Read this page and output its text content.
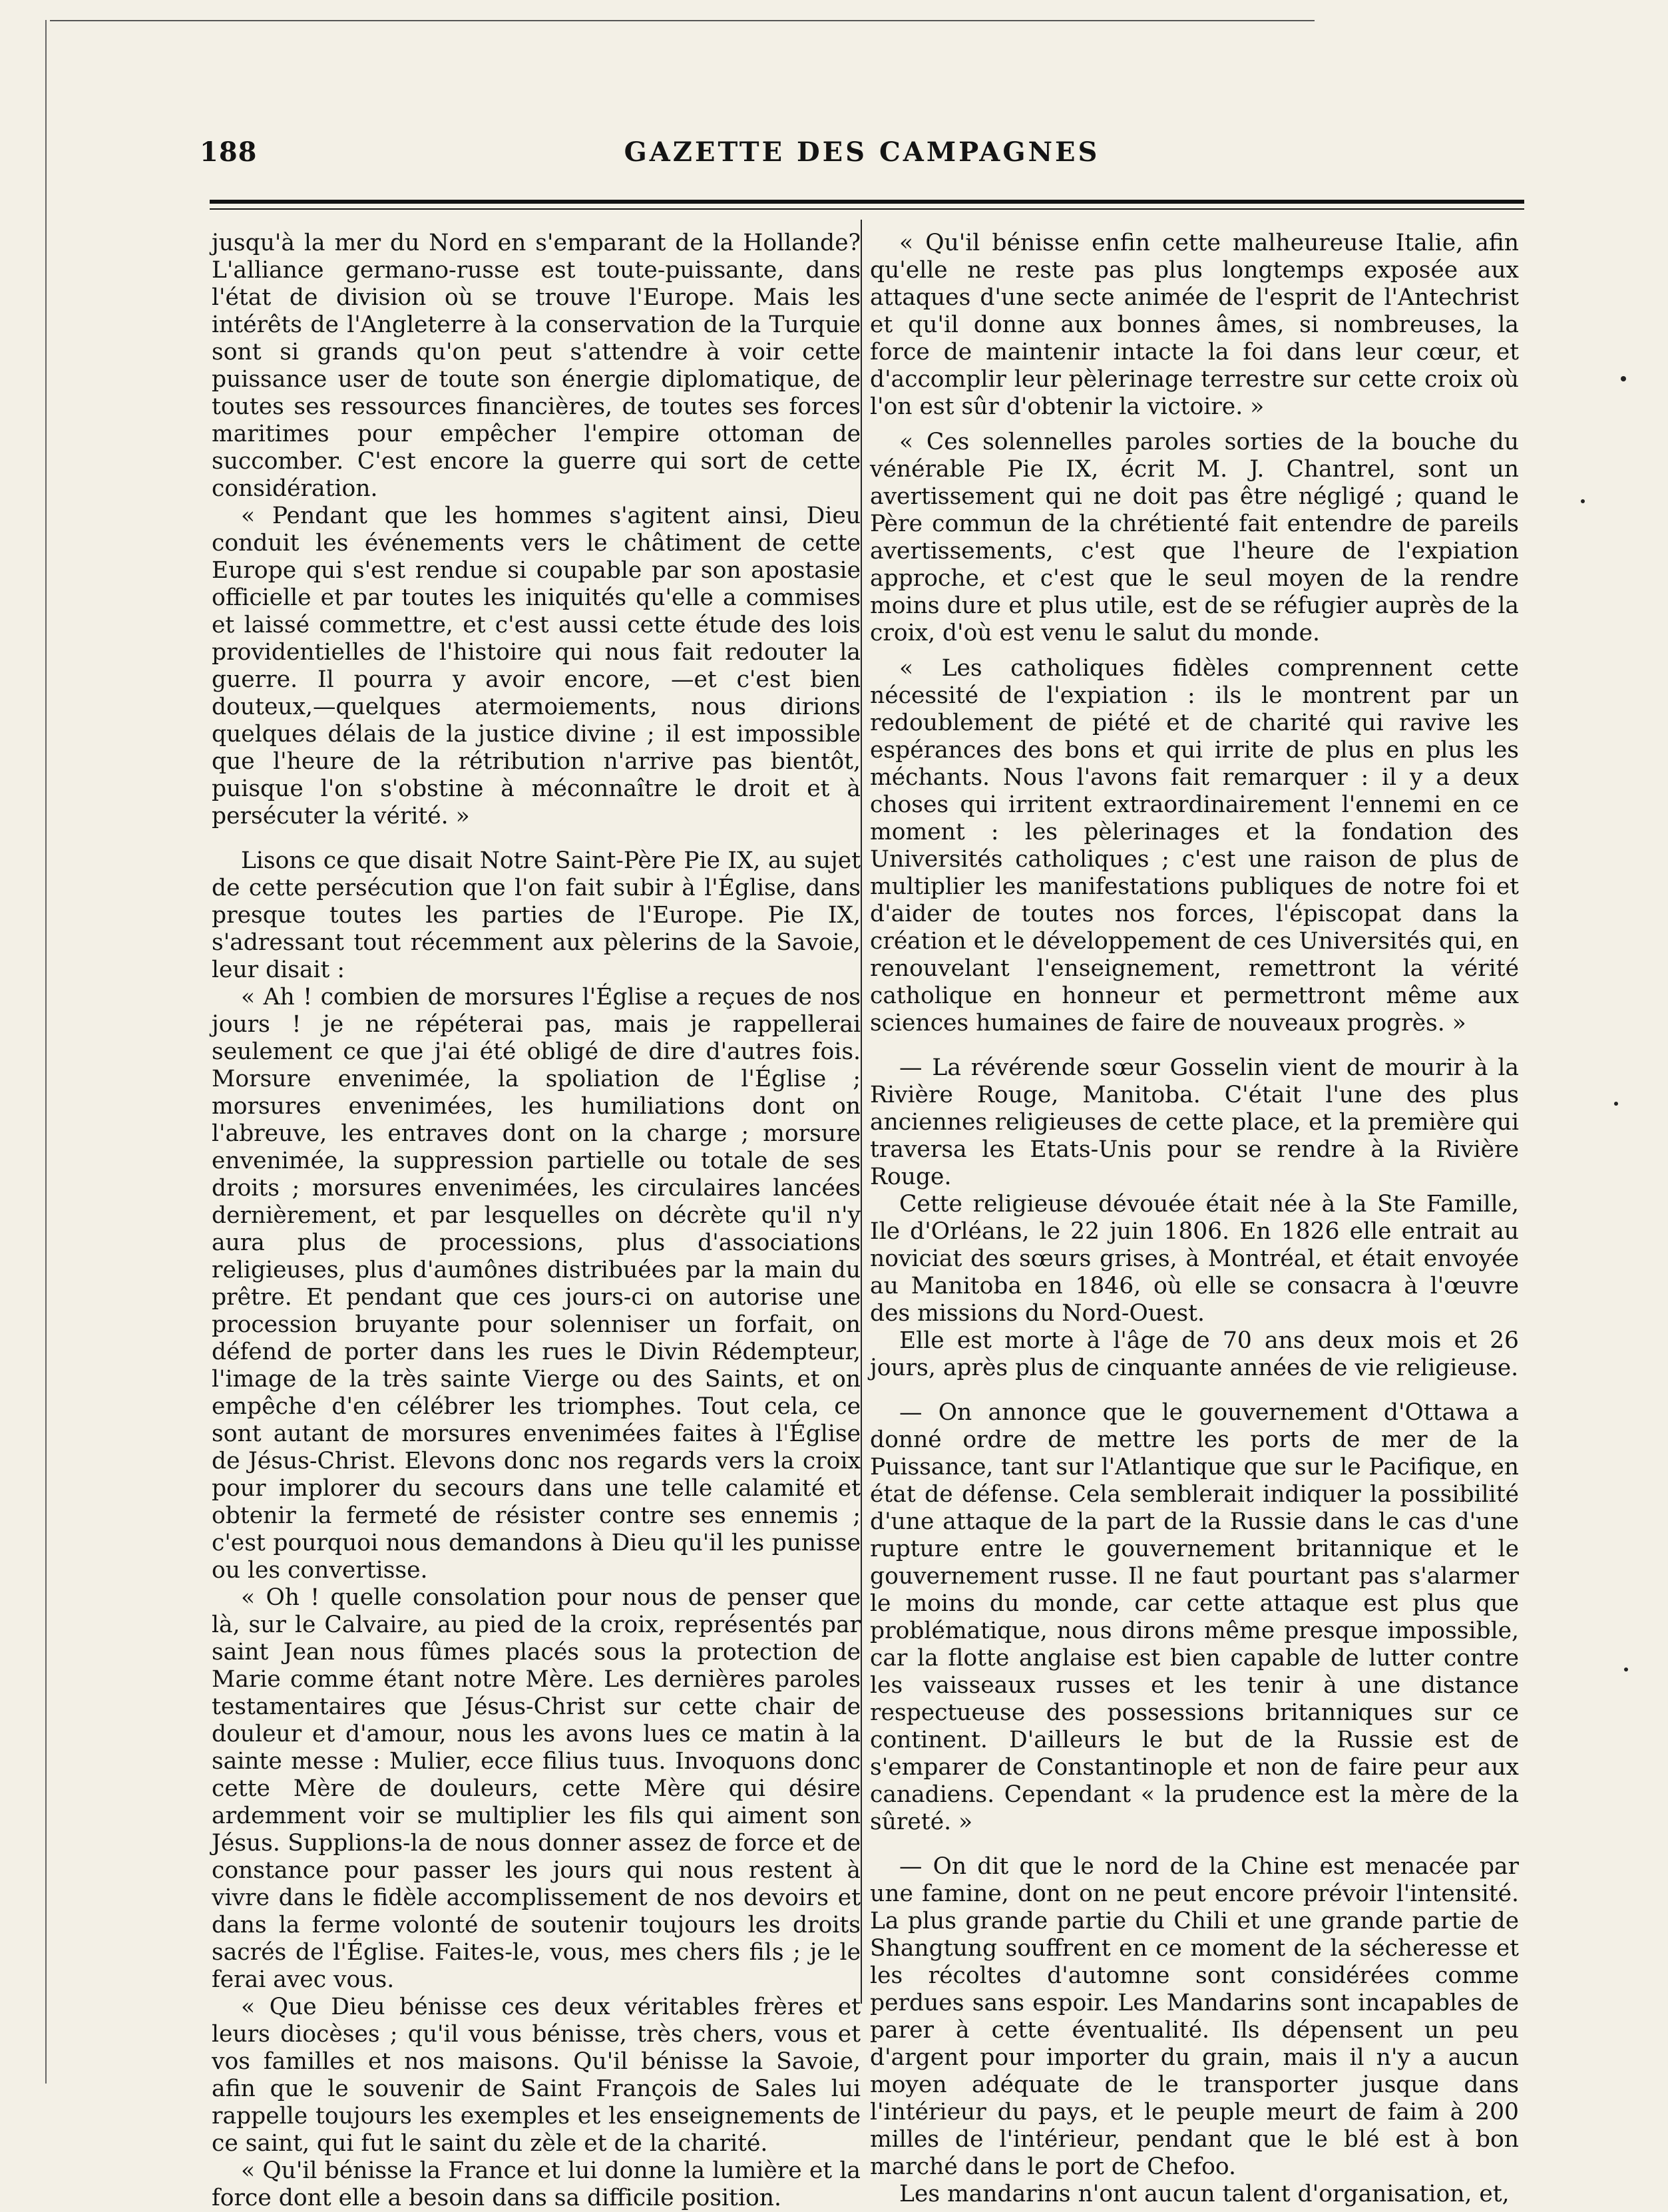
GAZETTE DES CAMPAGNES
188

jusqu'à la mer du Nord en s'emparant de la Hollande? L'alliance germano-russe est toute-puissante, dans l'état de division où se trouve l'Europe. Mais les intérêts de l'Angleterre à la conservation de la Turquie sont si grands qu'on peut s'attendre à voir cette puissance user de toute son énergie diplomatique, de toutes ses ressources financières, de toutes ses forces maritimes pour empêcher l'empire ottoman de succomber. C'est encore la guerre qui sort de cette considération.

« Pendant que les hommes s'agitent ainsi, Dieu conduit les événements vers le châtiment de cette Europe qui s'est rendue si coupable par son apostasie officielle et par toutes les iniquités qu'elle a commises et laissé commettre, et c'est aussi cette étude des lois providentielles de l'histoire qui nous fait redouter la guerre. Il pourra y avoir encore, —et c'est bien douteux,—quelques atermoiements, nous dirions quelques délais de la justice divine ; il est impossible que l'heure de la rétribution n'arrive pas bientôt, puisque l'on s'obstine à méconnaître le droit et à persécuter la vérité. »

Lisons ce que disait Notre Saint-Père Pie IX, au sujet de cette persécution que l'on fait subir à l'Église, dans presque toutes les parties de l'Europe. Pie IX, s'adressant tout récemment aux pèlerins de la Savoie, leur disait :

« Ah ! combien de morsures l'Église a reçues de nos jours ! je ne répéterai pas, mais je rappellerai seulement ce que j'ai été obligé de dire d'autres fois. Morsure envenimée, la spoliation de l'Église ; morsures envenimées, les humiliations dont on l'abreuve, les entraves dont on la charge ; morsure envenimée, la suppression partielle ou totale de ses droits ; morsures envenimées, les circulaires lancées dernièrement, et par lesquelles on décrète qu'il n'y aura plus de processions, plus d'associations religieuses, plus d'aumônes distribuées par la main du prêtre. Et pendant que ces jours-ci on autorise une procession bruyante pour solenniser un forfait, on défend de porter dans les rues le Divin Rédempteur, l'image de la très sainte Vierge ou des Saints, et on empêche d'en célébrer les triomphes. Tout cela, ce sont autant de morsures envenimées faites à l'Église de Jésus-Christ. Elevons donc nos regards vers la croix pour implorer du secours dans une telle calamité et obtenir la fermeté de résister contre ses ennemis ; c'est pourquoi nous demandons à Dieu qu'il les punisse ou les convertisse.

« Oh ! quelle consolation pour nous de penser que là, sur le Calvaire, au pied de la croix, représentés par saint Jean nous fûmes placés sous la protection de Marie comme étant notre Mère. Les dernières paroles testamentaires que Jésus-Christ sur cette chair de douleur et d'amour, nous les avons lues ce matin à la sainte messe : Mulier, ecce filius tuus. Invoquons donc cette Mère de douleurs, cette Mère qui désire ardemment voir se multiplier les fils qui aiment son Jésus. Supplions-la de nous donner assez de force et de constance pour passer les jours qui nous restent à vivre dans le fidèle accomplissement de nos devoirs et dans la ferme volonté de soutenir toujours les droits sacrés de l'Église. Faites-le, vous, mes chers fils ; je le ferai avec vous.

« Que Dieu bénisse ces deux véritables frères et leurs diocèses ; qu'il vous bénisse, très chers, vous et vos familles et nos maisons. Qu'il bénisse la Savoie, afin que le souvenir de Saint François de Sales lui rappelle toujours les exemples et les enseignements de ce saint, qui fut le saint du zèle et de la charité.

« Qu'il bénisse la France et lui donne la lumière et la force dont elle a besoin dans sa difficile position.

« Qu'il bénisse enfin cette malheureuse Italie, afin qu'elle ne reste pas plus longtemps exposée aux attaques d'une secte animée de l'esprit de l'Antechrist et qu'il donne aux bonnes âmes, si nombreuses, la force de maintenir intacte la foi dans leur cœur, et d'accomplir leur pèlerinage terrestre sur cette croix où l'on est sûr d'obtenir la victoire. »

« Ces solennelles paroles sorties de la bouche du vénérable Pie IX, écrit M. J. Chantrel, sont un avertissement qui ne doit pas être négligé ; quand le Père commun de la chrétienté fait entendre de pareils avertissements, c'est que l'heure de l'expiation approche, et c'est que le seul moyen de la rendre moins dure et plus utile, est de se réfugier auprès de la croix, d'où est venu le salut du monde.

« Les catholiques fidèles comprennent cette nécessité de l'expiation : ils le montrent par un redoublement de piété et de charité qui ravive les espérances des bons et qui irrite de plus en plus les méchants. Nous l'avons fait remarquer : il y a deux choses qui irritent extraordinairement l'ennemi en ce moment : les pèlerinages et la fondation des Universités catholiques ; c'est une raison de plus de multiplier les manifestations publiques de notre foi et d'aider de toutes nos forces, l'épiscopat dans la création et le développement de ces Universités qui, en renouvelant l'enseignement, remettront la vérité catholique en honneur et permettront même aux sciences humaines de faire de nouveaux progrès. »

— La révérende sœur Gosselin vient de mourir à la Rivière Rouge, Manitoba. C'était l'une des plus anciennes religieuses de cette place, et la première qui traversa les Etats-Unis pour se rendre à la Rivière Rouge.

Cette religieuse dévouée était née à la Ste Famille, Ile d'Orléans, le 22 juin 1806. En 1826 elle entrait au noviciat des sœurs grises, à Montréal, et était envoyée au Manitoba en 1846, où elle se consacra à l'œuvre des missions du Nord-Ouest.

Elle est morte à l'âge de 70 ans deux mois et 26 jours, après plus de cinquante années de vie religieuse.

— On annonce que le gouvernement d'Ottawa a donné ordre de mettre les ports de mer de la Puissance, tant sur l'Atlantique que sur le Pacifique, en état de défense. Cela semblerait indiquer la possibilité d'une attaque de la part de la Russie dans le cas d'une rupture entre le gouvernement britannique et le gouvernement russe. Il ne faut pourtant pas s'alarmer le moins du monde, car cette attaque est plus que problématique, nous dirons même presque impossible, car la flotte anglaise est bien capable de lutter contre les vaisseaux russes et les tenir à une distance respectueuse des possessions britanniques sur ce continent. D'ailleurs le but de la Russie est de s'emparer de Constantinople et non de faire peur aux canadiens. Cependant « la prudence est la mère de la sûreté. »

— On dit que le nord de la Chine est menacée par une famine, dont on ne peut encore prévoir l'intensité. La plus grande partie du Chili et une grande partie de Shangtung souffrent en ce moment de la sécheresse et les récoltes d'automne sont considérées comme perdues sans espoir. Les Mandarins sont incapables de parer à cette éventualité. Ils dépensent un peu d'argent pour importer du grain, mais il n'y a aucun moyen adéquate de le transporter jusque dans l'intérieur du pays, et le peuple meurt de faim à 200 milles de l'intérieur, pendant que le blé est à bon marché dans le port de Chefoo.

Les mandarins n'ont aucun talent d'organisation, et,
